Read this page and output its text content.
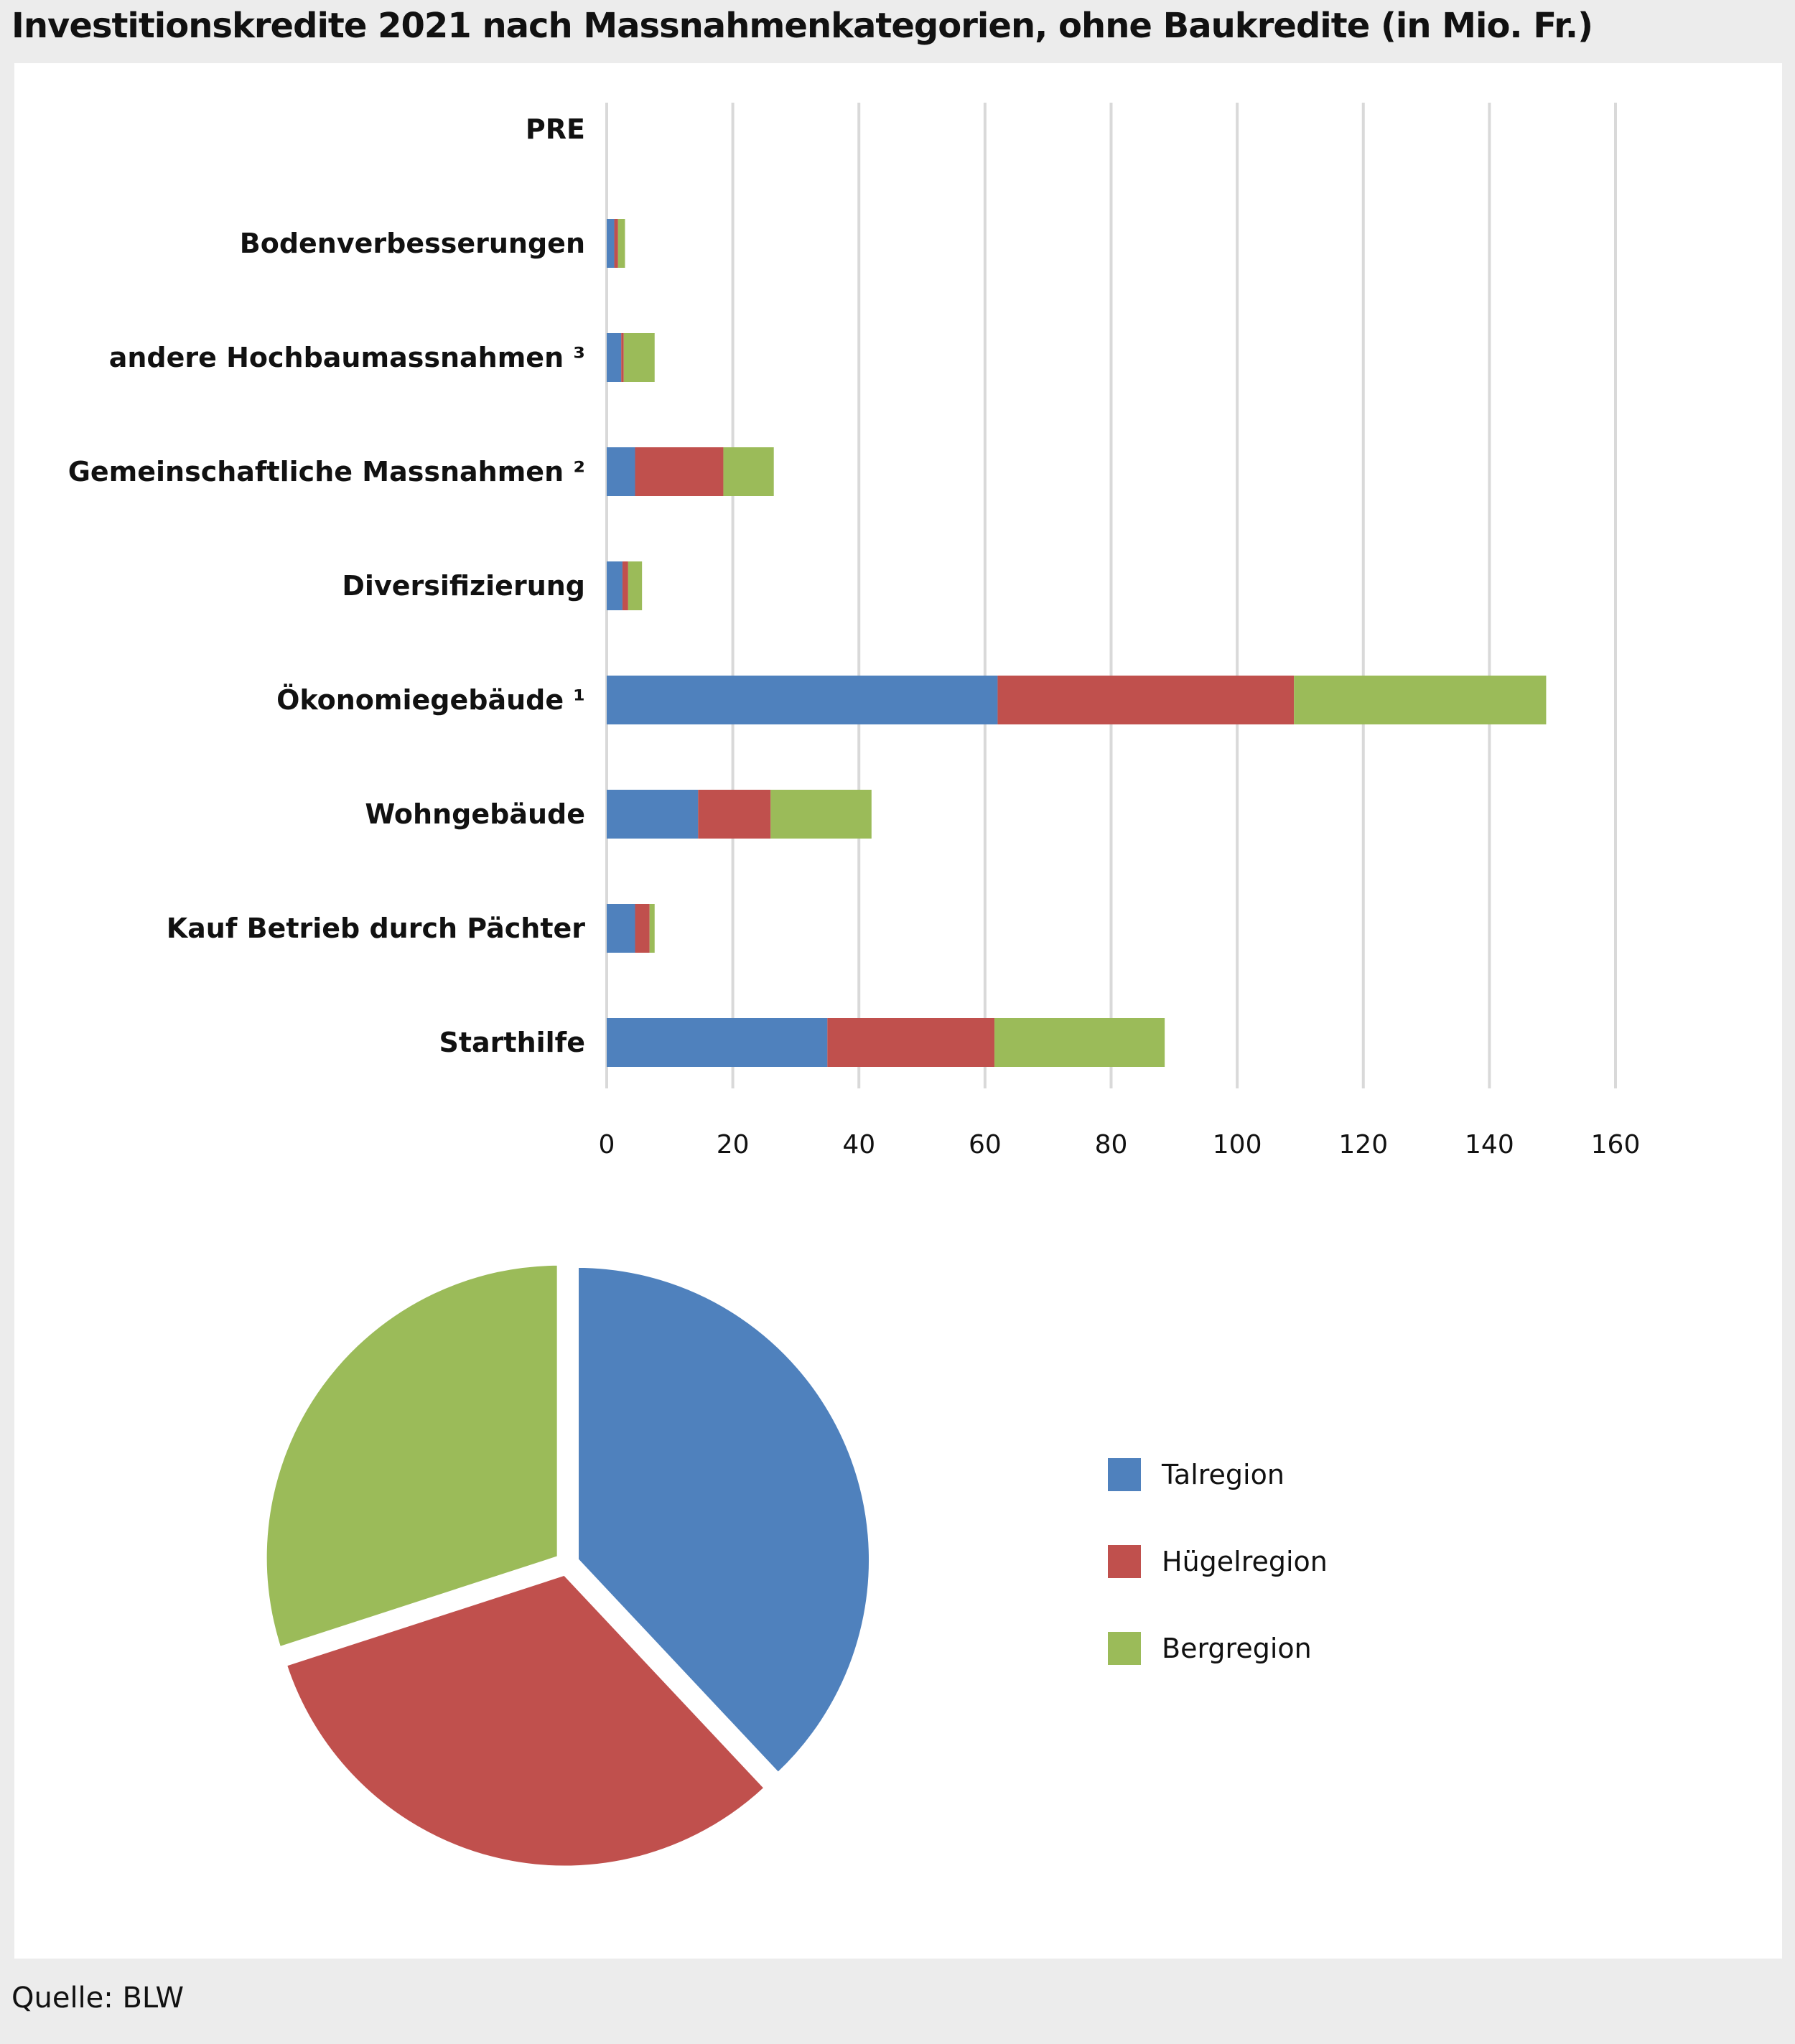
Investitionskredite 2021 nach Massnahmenkategorien, ohne Baukredite (in Mio. Fr.)
PRE
Bodenverbesserungen
andere Hochbaumassnahmen ³
Gemeinschaftliche Massnahmen ²
Diversifizierung
Ökonomiegebäude ¹
Wohngebäude
Kauf Betrieb durch Pächter
Starthilfe
0	20	40	60	80	100	120	140	160
Talregion
Hügelregion
Bergregion
Quelle: BLW
